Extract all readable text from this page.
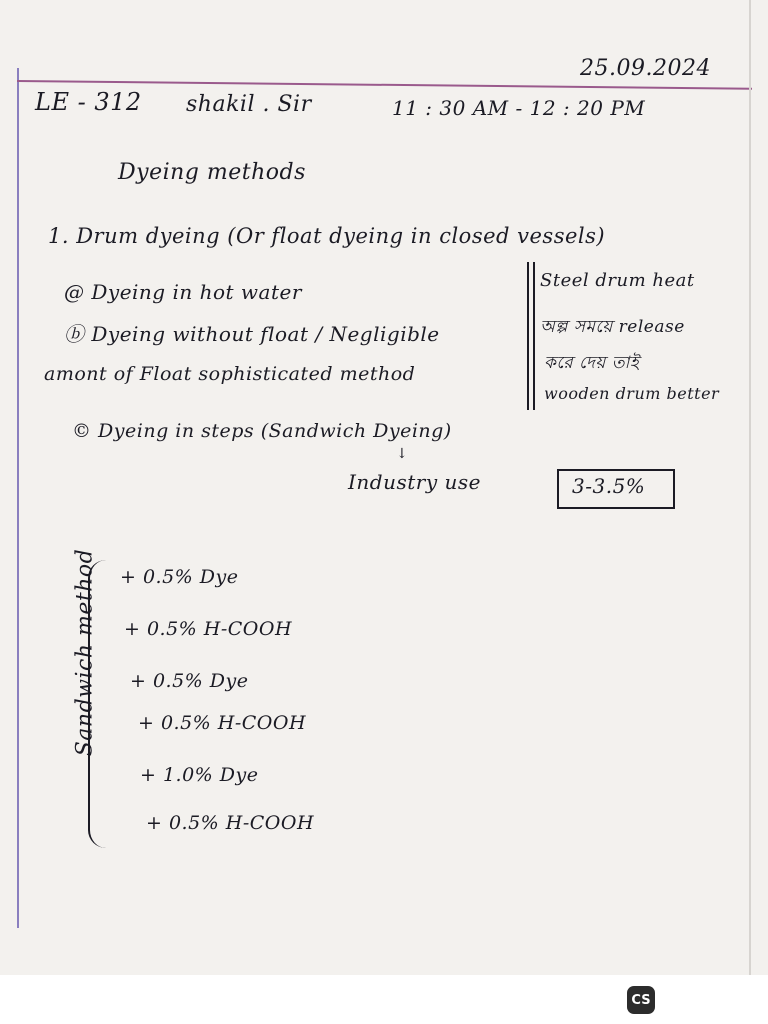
25.09.2024
LE - 312 shakil . Sir	11 : 30 AM - 12 : 20 PM
Dyeing methods
1. Drum dyeing (Or float dyeing in closed vessels)
@ Dyeing in hot water
ⓑ Dyeing without float / Negligible
amont of Float sophisticated method
Steel drum heat
অল্প সময়ে release
করে দেয় তাই
wooden drum better
© Dyeing in steps (Sandwich Dyeing)
↓
Industry use	3-3.5%
Sandwich method + 0.5% Dye
+ 0.5% H-COOH
+ 0.5% Dye
+ 0.5% H-COOH
+ 1.0% Dye
+ 0.5% H-COOH
CS
